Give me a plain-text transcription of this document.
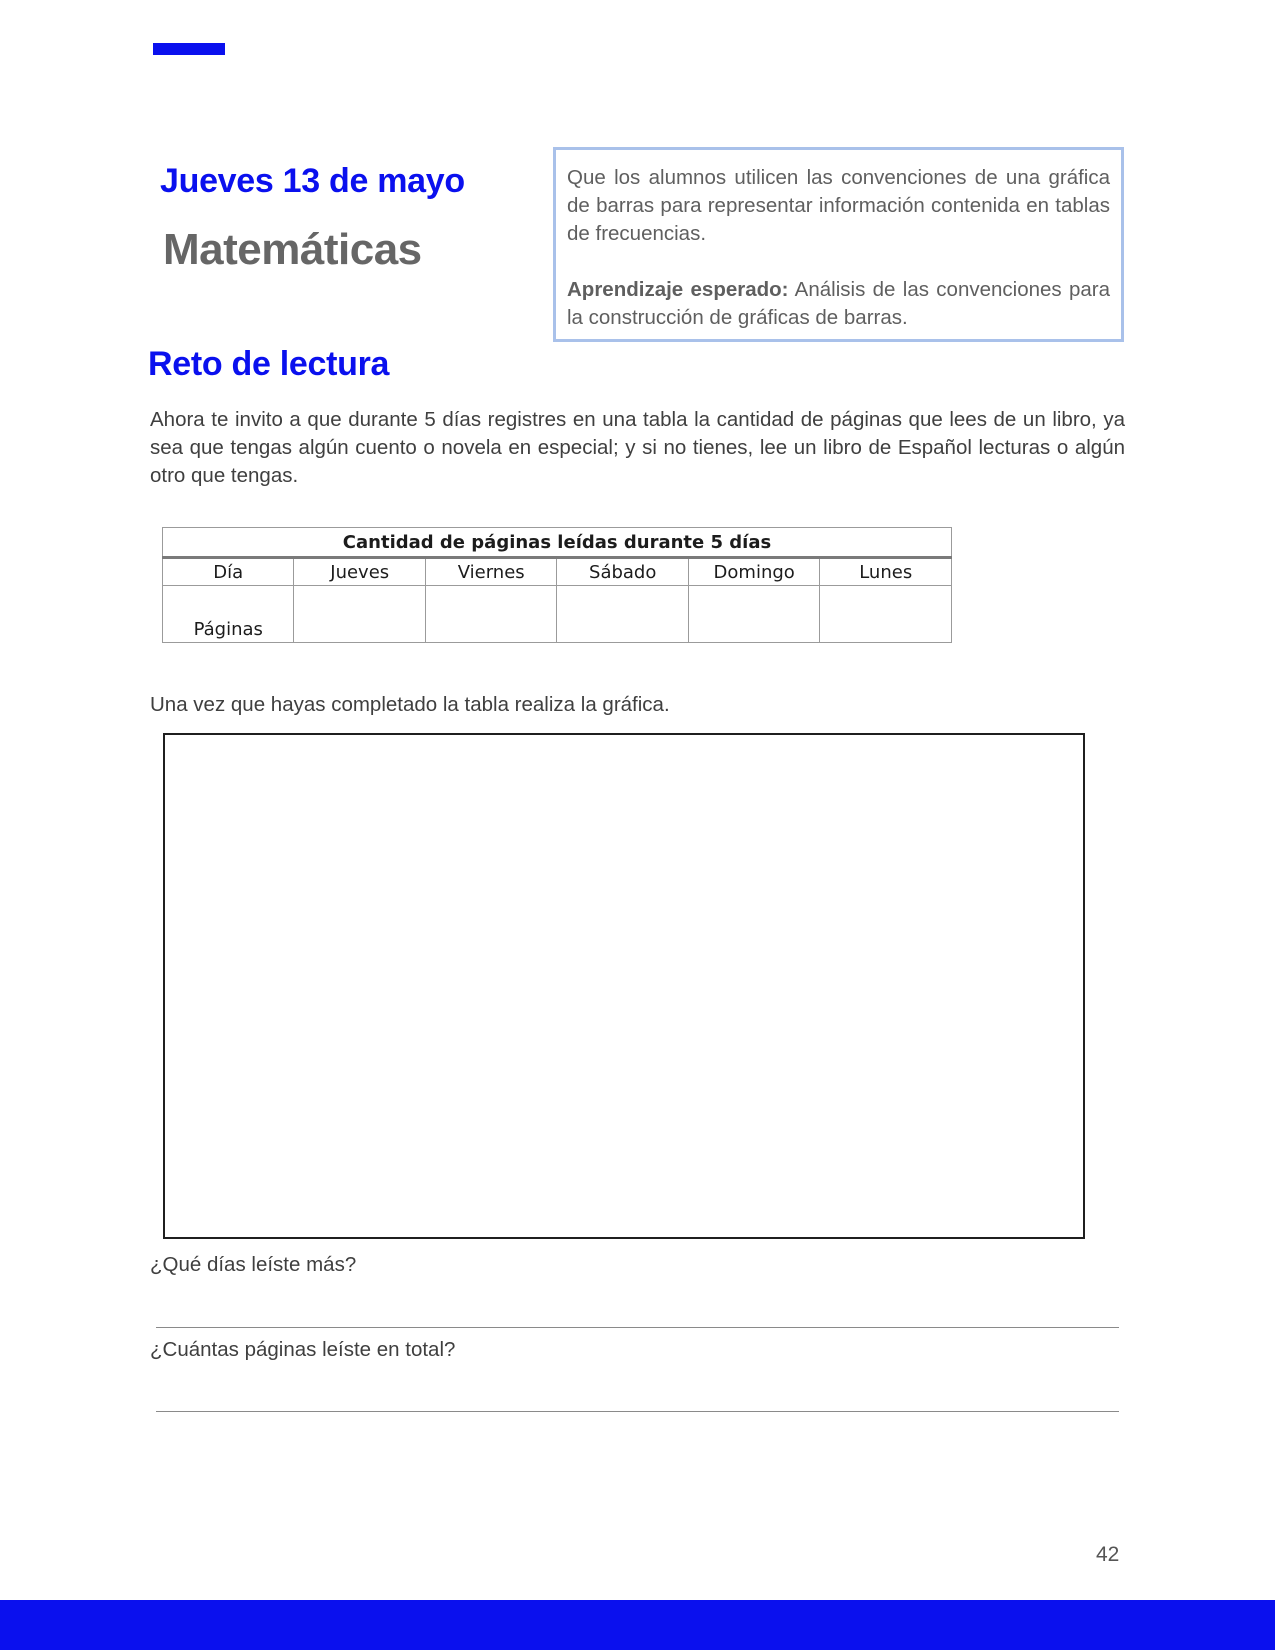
Jueves 13 de mayo
Matemáticas

Que los alumnos utilicen las convenciones de una gráfica de barras para representar información contenida en tablas de frecuencias.

Aprendizaje esperado: Análisis de las convenciones para la construcción de gráficas de barras.

Reto de lectura

Ahora te invito a que durante 5 días registres en una tabla la cantidad de páginas que lees de un libro, ya sea que tengas algún cuento o novela en especial; y si no tienes, lee un libro de Español lecturas o algún otro que tengas.

Cantidad de páginas leídas durante 5 días					
Día	Jueves	Viernes	Sábado	Domingo	Lunes
Páginas					

Una vez que hayas completado la tabla realiza la gráfica.

¿Qué días leíste más?

¿Cuántas páginas leíste en total?

42
